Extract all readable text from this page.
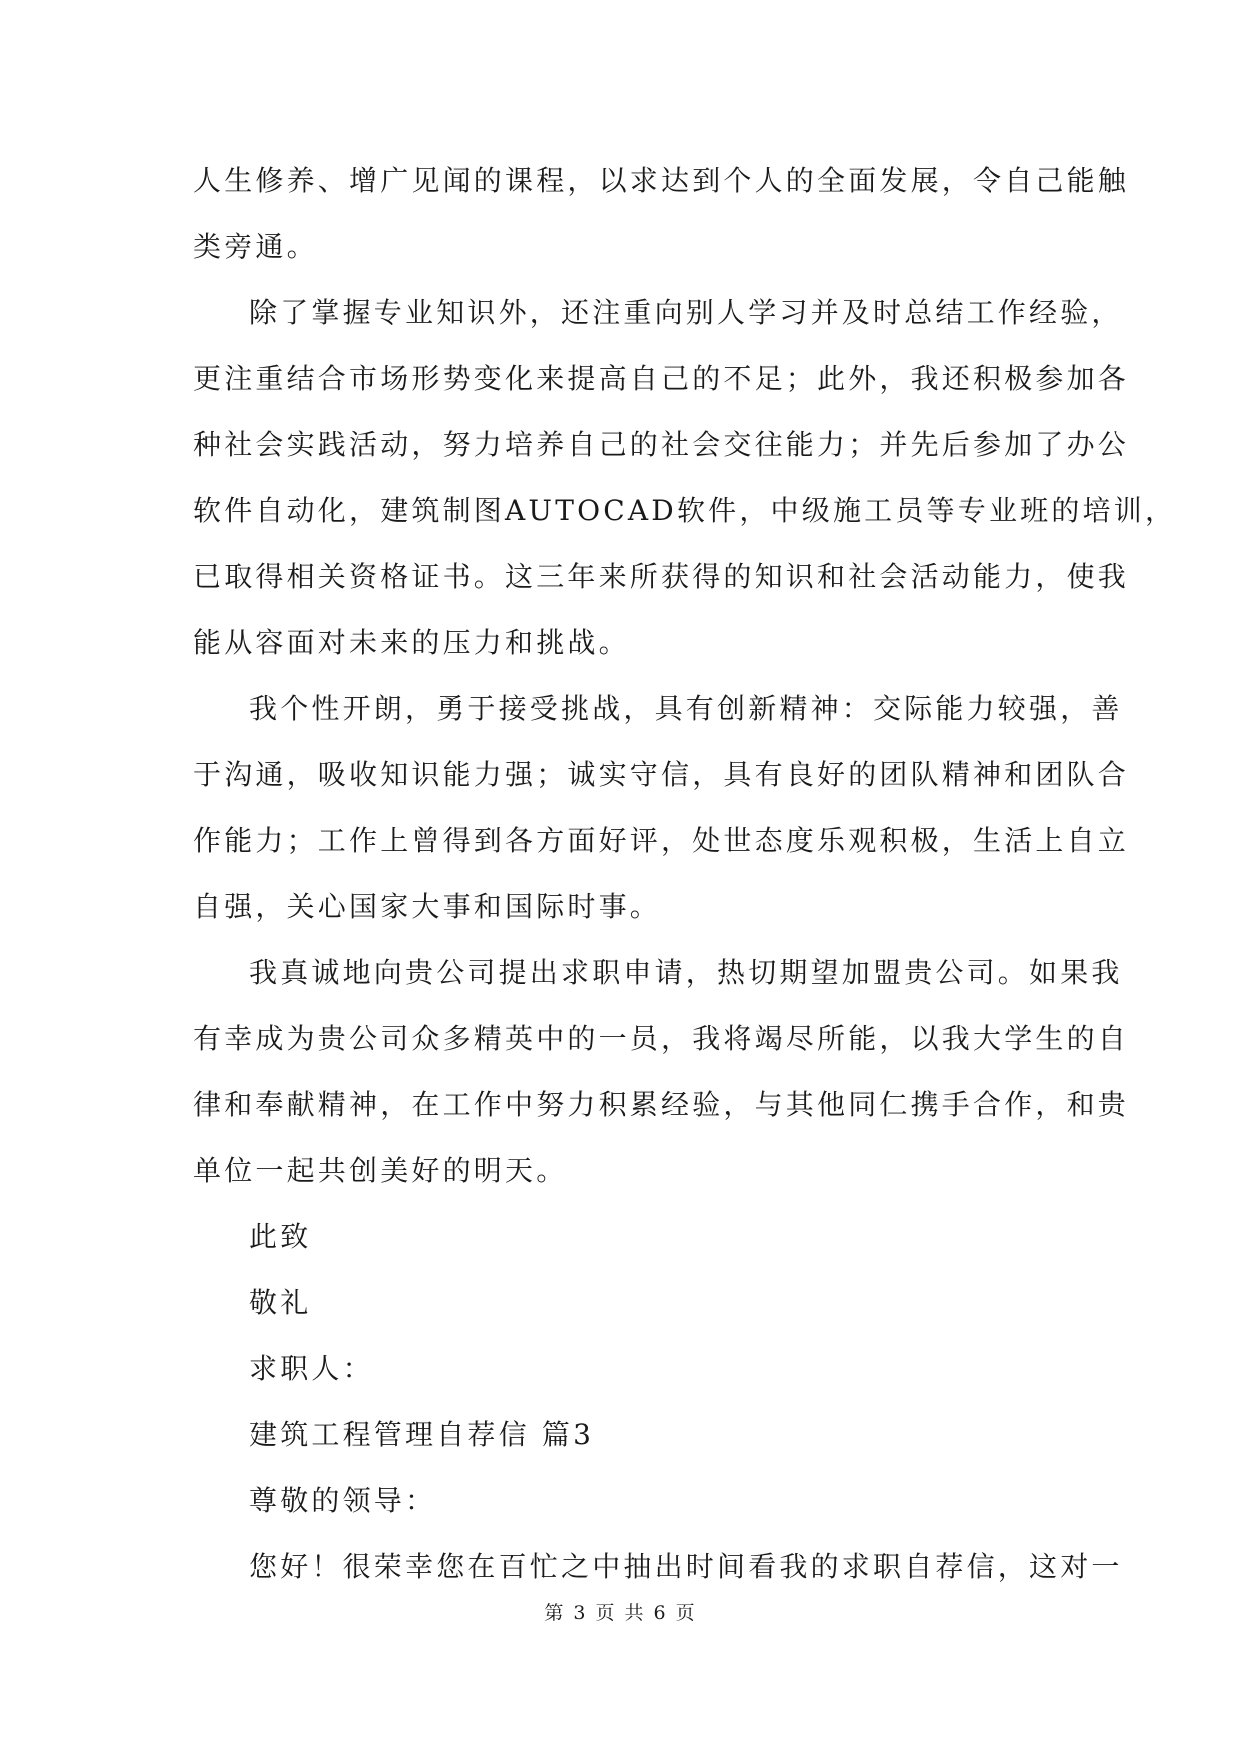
人生修养、增广见闻的课程，以求达到个人的全面发展，令自己能触
类旁通。
除了掌握专业知识外，还注重向别人学习并及时总结工作经验，
更注重结合市场形势变化来提高自己的不足；此外，我还积极参加各
种社会实践活动，努力培养自己的社会交往能力；并先后参加了办公
软件自动化，建筑制图AUTOCAD软件，中级施工员等专业班的培训，
已取得相关资格证书。这三年来所获得的知识和社会活动能力，使我
能从容面对未来的压力和挑战。
我个性开朗，勇于接受挑战，具有创新精神：交际能力较强，善
于沟通，吸收知识能力强；诚实守信，具有良好的团队精神和团队合
作能力；工作上曾得到各方面好评，处世态度乐观积极，生活上自立
自强，关心国家大事和国际时事。
我真诚地向贵公司提出求职申请，热切期望加盟贵公司。如果我
有幸成为贵公司众多精英中的一员，我将竭尽所能，以我大学生的自
律和奉献精神，在工作中努力积累经验，与其他同仁携手合作，和贵
单位一起共创美好的明天。
此致
敬礼
求职人：
建筑工程管理自荐信 篇3
尊敬的领导：
您好！很荣幸您在百忙之中抽出时间看我的求职自荐信，这对一
第 3 页 共 6 页
